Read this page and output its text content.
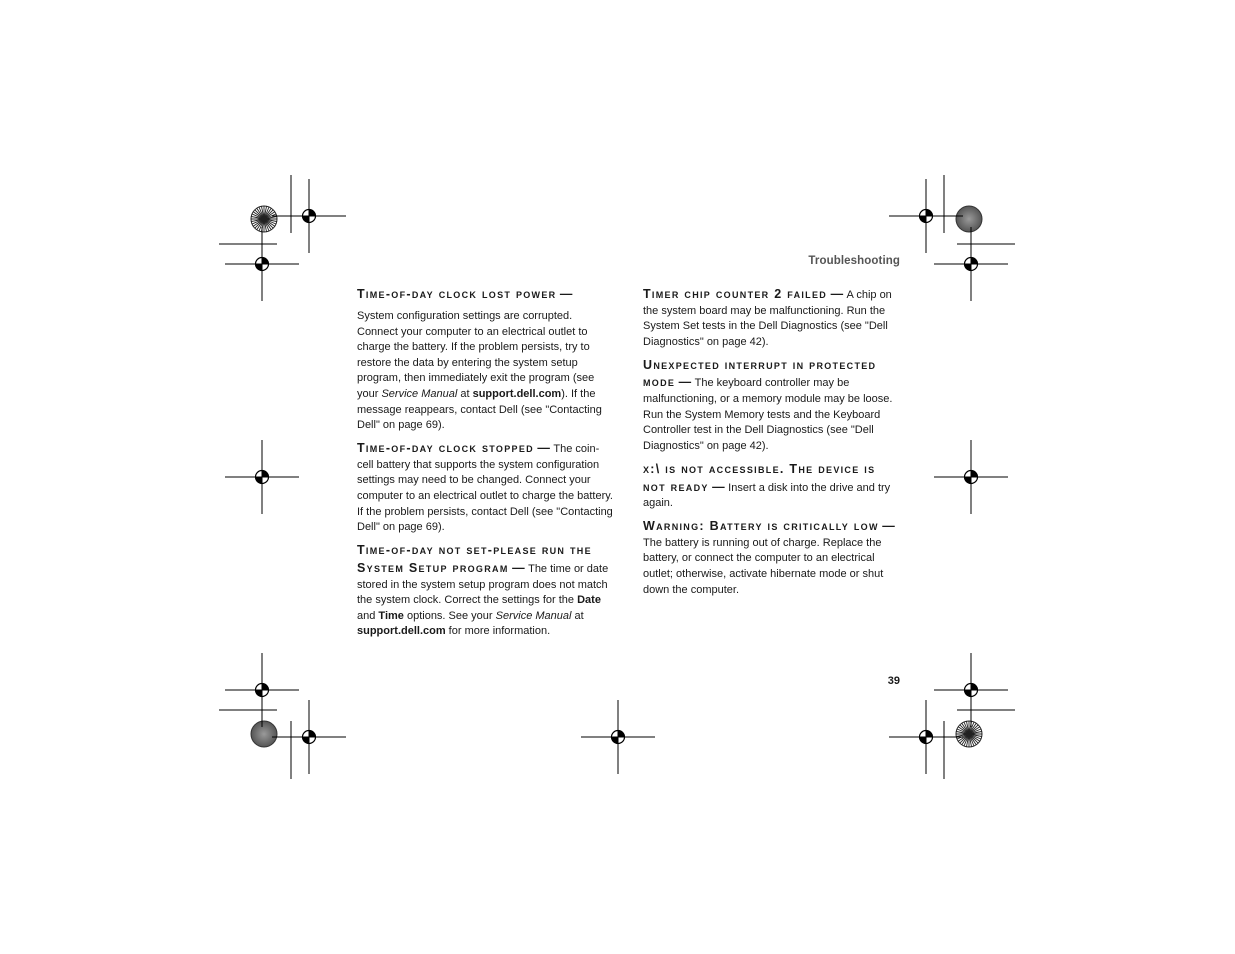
Troubleshooting
Time-of-day clock lost power —
System configuration settings are corrupted. Connect your computer to an electrical outlet to charge the battery. If the problem persists, try to restore the data by entering the system setup program, then immediately exit the program (see your Service Manual at support.dell.com). If the message reappears, contact Dell (see "Contacting Dell" on page 69).
Time-of-day clock stopped — The coin-cell battery that supports the system configuration settings may need to be changed. Connect your computer to an electrical outlet to charge the battery. If the problem persists, contact Dell (see "Contacting Dell" on page 69).
Time-of-day not set-please run the System Setup program — The time or date stored in the system setup program does not match the system clock. Correct the settings for the Date and Time options. See your Service Manual at support.dell.com for more information.
Timer chip counter 2 failed — A chip on the system board may be malfunctioning. Run the System Set tests in the Dell Diagnostics (see "Dell Diagnostics" on page 42).
Unexpected interrupt in protected mode — The keyboard controller may be malfunctioning, or a memory module may be loose. Run the System Memory tests and the Keyboard Controller test in the Dell Diagnostics (see "Dell Diagnostics" on page 42).
x:\ is not accessible. The device is not ready — Insert a disk into the drive and try again.
Warning: Battery is critically low — The battery is running out of charge. Replace the battery, or connect the computer to an electrical outlet; otherwise, activate hibernate mode or shut down the computer.
39
